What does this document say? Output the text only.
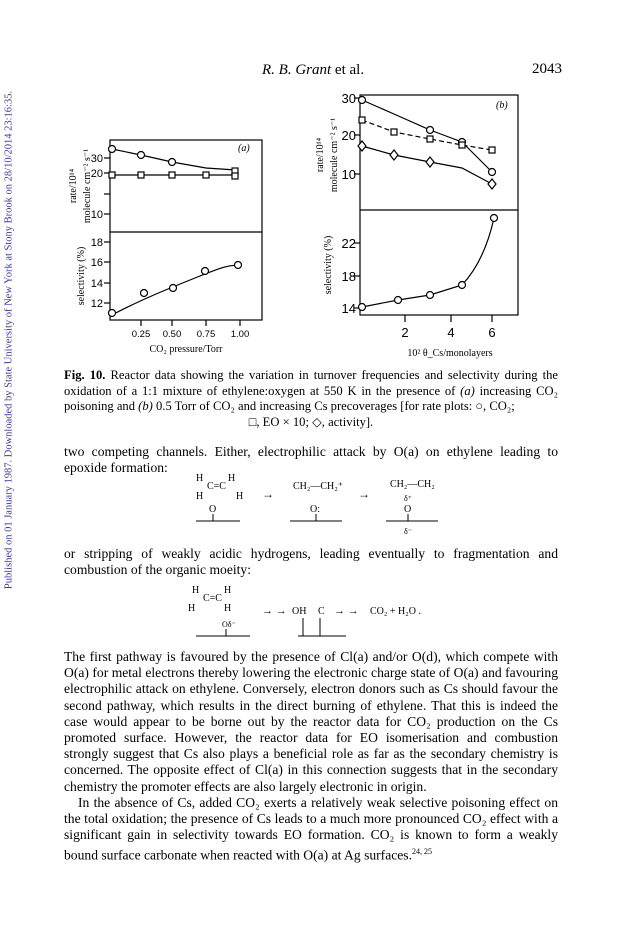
Published on 01 January 1987. Downloaded by State University of New York at Stony Brook on 28/10/2014 23:16:35.
R. B. Grant et al.	2043
(a)
30
20
10
18
16
14
12
0.25 0.50 0.75 1.00
CO₂ pressure/Torr
rate/10¹⁴ molecule cm⁻² s⁻¹
selectivity (%)
(b)
30
20
10
22
18
14
2	4	6
10² θ_Cs/monolayers
rate/10¹⁴ molecule cm⁻² s⁻¹
selectivity (%)
H H
C=C
H	H
O
→
CH₂—CH₂⁺
O:
→
CH₂—CH₂
δ⁺
O
δ⁻
H H
C=C
H	H
Oδ⁻
→ → OH C → → CO₂ + H₂O .
Fig. 10. Reactor data showing the variation in turnover frequencies and selectivity during the oxidation of a 1:1 mixture of ethylene:oxygen at 550 K in the presence of (a) increasing CO₂ poisoning and (b) 0.5 Torr of CO₂ and increasing Cs precoverages [for rate plots: ○, CO₂;
□, EO × 10; ◇, activity].

two competing channels. Either, electrophilic attack by O(a) on ethylene leading to epoxide formation:

or stripping of weakly acidic hydrogens, leading eventually to fragmentation and combustion of the organic moeity:

The first pathway is favoured by the presence of Cl(a) and/or O(d), which compete with O(a) for metal electrons thereby lowering the electronic charge state of O(a) and favouring electrophilic attack on ethylene. Conversely, electron donors such as Cs should favour the second pathway, which results in the direct burning of ethylene. That this is indeed the case would appear to be borne out by the reactor data for CO₂ production on the Cs promoted surface. However, the reactor data for EO isomerisation and combustion strongly suggest that Cs also plays a beneficial role as far as the secondary chemistry is concerned. The opposite effect of Cl(a) in this connection suggests that in the secondary chemistry the promoter effects are also largely electronic in origin.

In the absence of Cs, added CO₂ exerts a relatively weak selective poisoning effect on the total oxidation; the presence of Cs leads to a much more pronounced CO₂ effect with a significant gain in selectivity towards EO formation. CO₂ is known to form a weakly bound surface carbonate when reacted with O(a) at Ag surfaces.$^{24, 25}$
